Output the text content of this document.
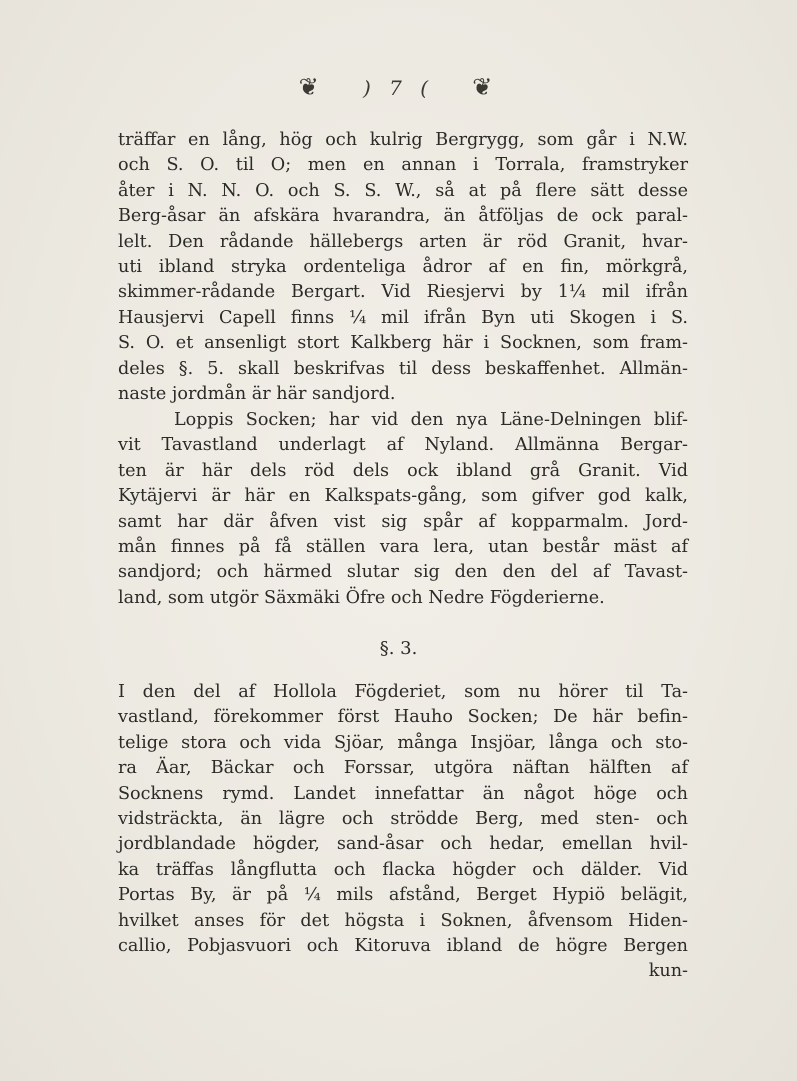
❦ ) 7 ( ❦
träffar en lång, hög och kulrig Bergrygg, som går i N.W.
och S. O. til O; men en annan i Torrala, framstryker
åter i N. N. O. och S. S. W., så at på flere sätt desse
Berg-åsar än afskära hvarandra, än åtföljas de ock paral-
lelt. Den rådande hällebergs arten är röd Granit, hvar-
uti ibland stryka ordenteliga ådror af en fin, mörkgrå,
skimmer-rådande Bergart. Vid Riesjervi by 1¼ mil ifrån
Hausjervi Capell finns ¼ mil ifrån Byn uti Skogen i S.
S. O. et ansenligt stort Kalkberg här i Socknen, som fram-
deles §. 5. skall beskrifvas til dess beskaffenhet. Allmän-
naste jordmån är här sandjord.
Loppis Socken; har vid den nya Läne-Delningen blif-
vit Tavastland underlagt af Nyland. Allmänna Bergar-
ten är här dels röd dels ock ibland grå Granit. Vid
Kytäjervi är här en Kalkspats-gång, som gifver god kalk,
samt har där åfven vist sig spår af kopparmalm. Jord-
mån finnes på få ställen vara lera, utan består mäst af
sandjord; och härmed slutar sig den den del af Tavast-
land, som utgör Säxmäki Öfre och Nedre Fögderierne.
§. 3.
I den del af Hollola Fögderiet, som nu hörer til Ta-
vastland, förekommer först Hauho Socken; De här befin-
telige stora och vida Sjöar, många Insjöar, långa och sto-
ra Äar, Bäckar och Forssar, utgöra näftan hälften af
Socknens rymd. Landet innefattar än något höge och
vidsträckta, än lägre och strödde Berg, med sten- och
jordblandade högder, sand-åsar och hedar, emellan hvil-
ka träffas långflutta och flacka högder och dälder. Vid
Portas By, är på ¼ mils afstånd, Berget Hypiö belägit,
hvilket anses för det högsta i Soknen, åfvensom Hiden-
callio, Pobjasvuori och Kitoruva ibland de högre Bergen
kun-
